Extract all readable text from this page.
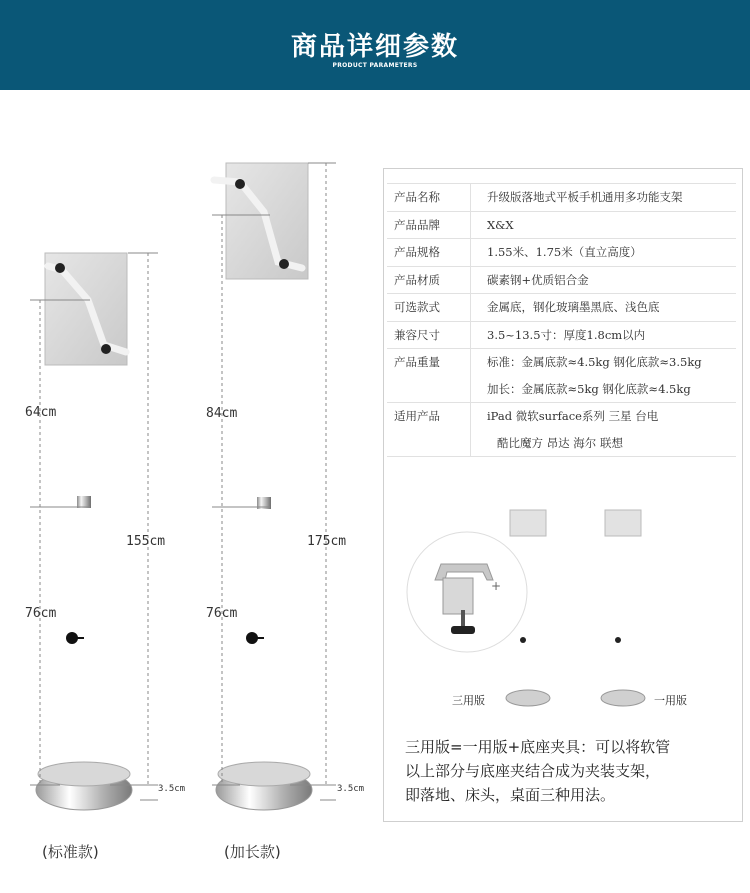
商品详细参数
PRODUCT PARAMETERS
64cm
76cm
155cm
3.5cm
(标准款)
84cm
76cm
175cm
3.5cm
(加长款)
产品名称	升级版落地式平板手机通用多功能支架
产品品牌	X&X
产品规格	1.55米、1.75米（直立高度）
产品材质	碳素钢+优质铝合金
可选款式	金属底，钢化玻璃墨黑底、浅色底
兼容尺寸	3.5~13.5寸：厚度1.8cm以内
产品重量	标准：金属底款≈4.5kg 钢化底款≈3.5kg
	加长：金属底款≈5kg 钢化底款≈4.5kg
适用产品	iPad 微软surface系列 三星 台电
	酷比魔方 昂达 海尔 联想
+
三用版	一用版
三用版=一用版+底座夹具：可以将软管
以上部分与底座夹结合成为夹装支架，
即落地、床头，桌面三种用法。
